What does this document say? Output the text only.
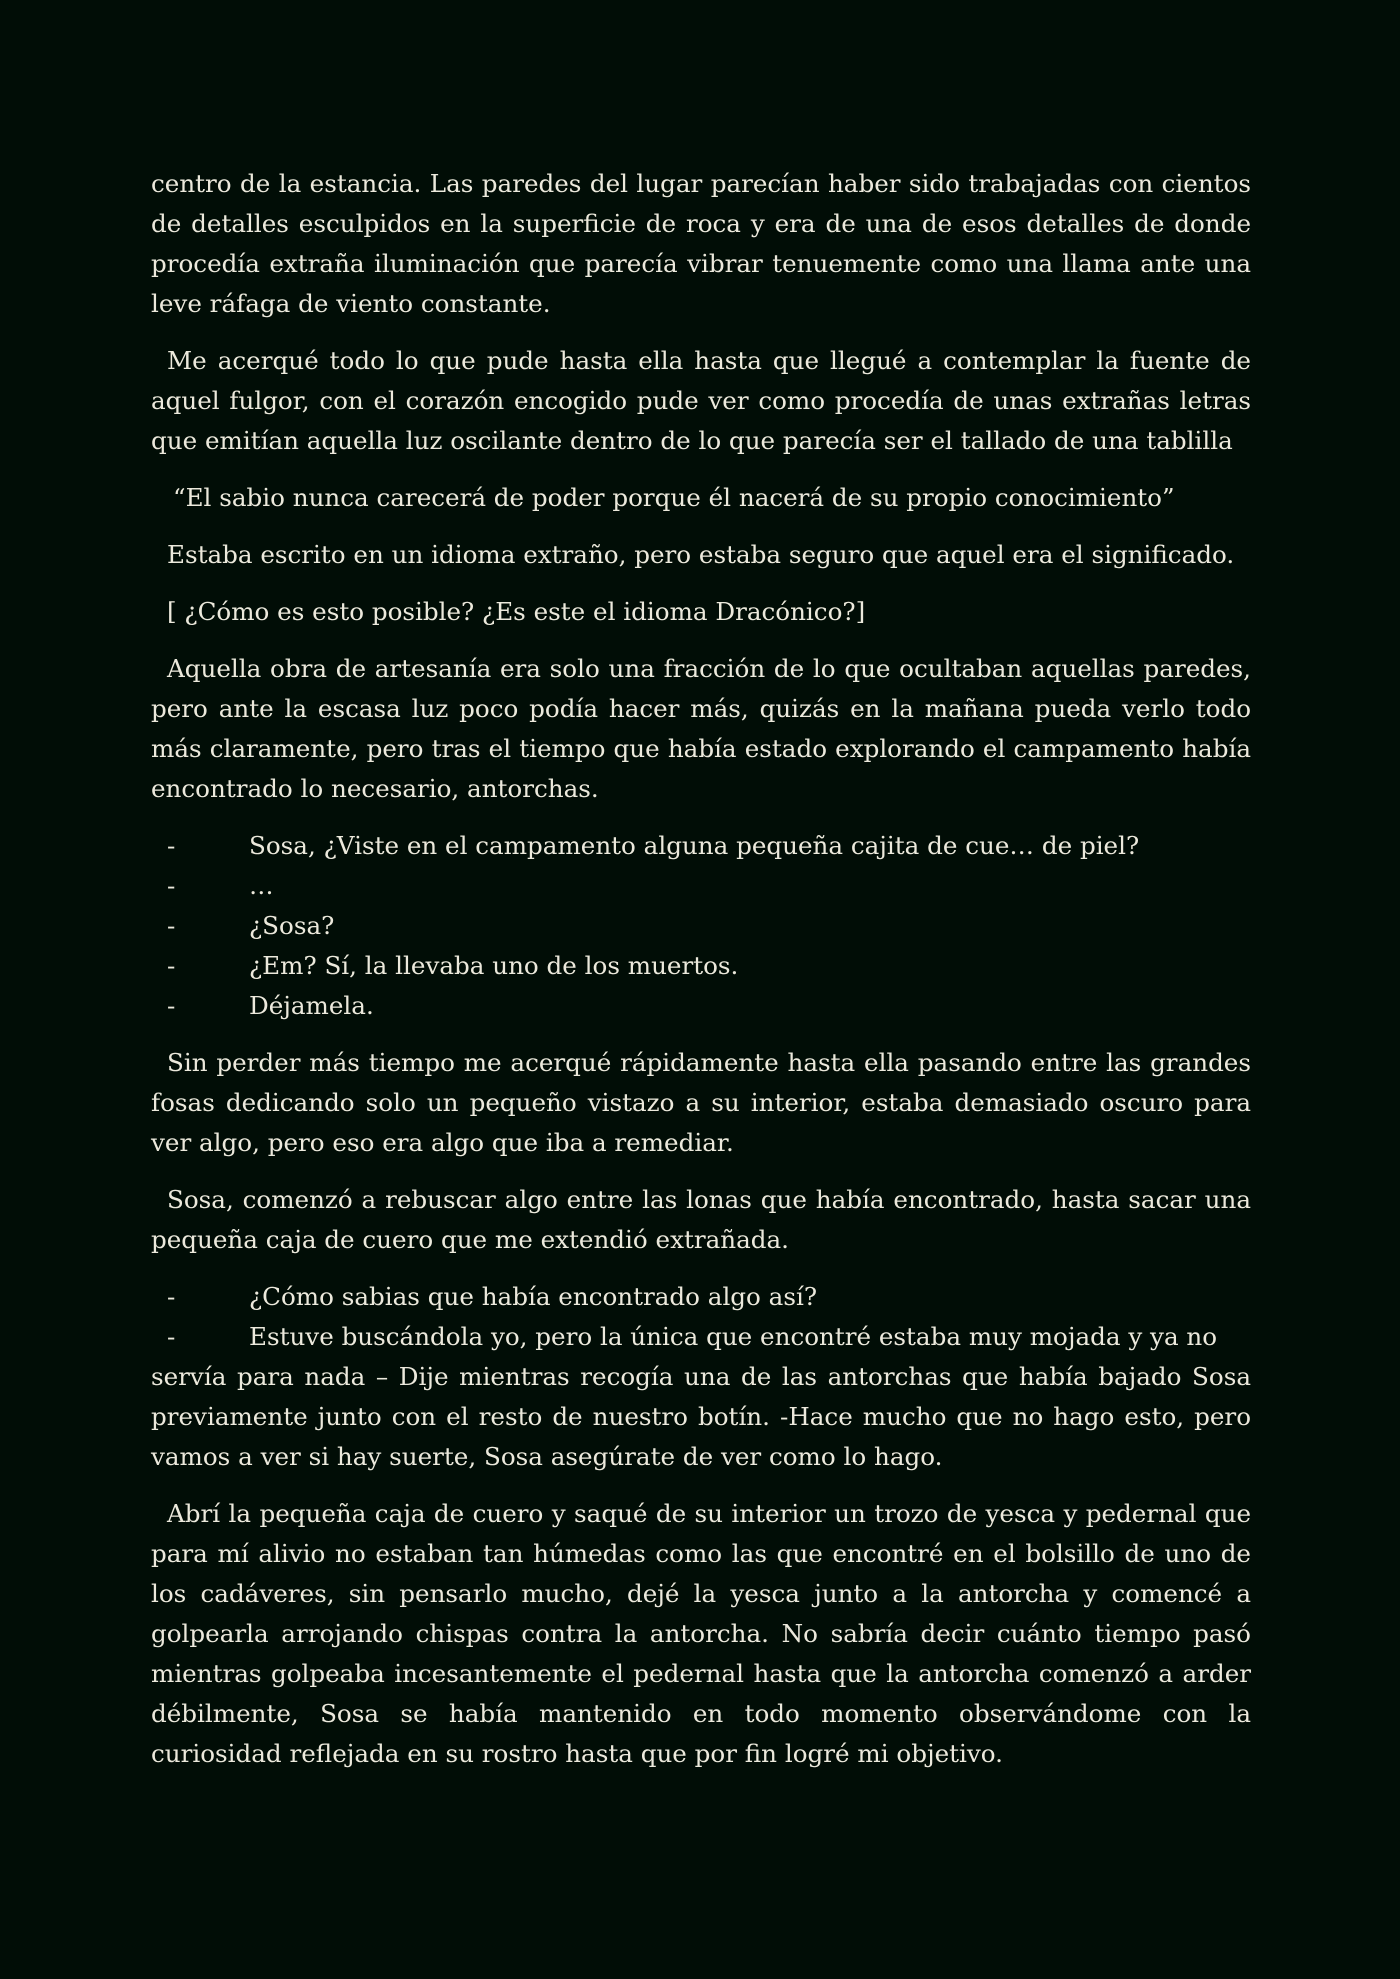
centro de la estancia. Las paredes del lugar parecían haber sido trabajadas con cientos de detalles esculpidos en la superficie de roca y era de una de esos detalles de donde procedía extraña iluminación que parecía vibrar tenuemente como una llama ante una leve ráfaga de viento constante.

Me acerqué todo lo que pude hasta ella hasta que llegué a contemplar la fuente de aquel fulgor, con el corazón encogido pude ver como procedía de unas extrañas letras que emitían aquella luz oscilante dentro de lo que parecía ser el tallado de una tablilla

“El sabio nunca carecerá de poder porque él nacerá de su propio conocimiento”

Estaba escrito en un idioma extraño, pero estaba seguro que aquel era el significado.

[ ¿Cómo es esto posible? ¿Es este el idioma Dracónico?]

Aquella obra de artesanía era solo una fracción de lo que ocultaban aquellas paredes, pero ante la escasa luz poco podía hacer más, quizás en la mañana pueda verlo todo más claramente, pero tras el tiempo que había estado explorando el campamento había encontrado lo necesario, antorchas.

-	Sosa, ¿Viste en el campamento alguna pequeña cajita de cue… de piel?
-	…
-	¿Sosa?
-	¿Em? Sí, la llevaba uno de los muertos.
-	Déjamela.

Sin perder más tiempo me acerqué rápidamente hasta ella pasando entre las grandes fosas dedicando solo un pequeño vistazo a su interior, estaba demasiado oscuro para ver algo, pero eso era algo que iba a remediar.

Sosa, comenzó a rebuscar algo entre las lonas que había encontrado, hasta sacar una pequeña caja de cuero que me extendió extrañada.

-	¿Cómo sabias que había encontrado algo así?
-	Estuve buscándola yo, pero la única que encontré estaba muy mojada y ya no
servía para nada – Dije mientras recogía una de las antorchas que había bajado Sosa previamente junto con el resto de nuestro botín. -Hace mucho que no hago esto, pero vamos a ver si hay suerte, Sosa asegúrate de ver como lo hago.

Abrí la pequeña caja de cuero y saqué de su interior un trozo de yesca y pedernal que para mí alivio no estaban tan húmedas como las que encontré en el bolsillo de uno de los cadáveres, sin pensarlo mucho, dejé la yesca junto a la antorcha y comencé a golpearla arrojando chispas contra la antorcha. No sabría decir cuánto tiempo pasó mientras golpeaba incesantemente el pedernal hasta que la antorcha comenzó a arder débilmente, Sosa se había mantenido en todo momento observándome con la curiosidad reflejada en su rostro hasta que por fin logré mi objetivo.
